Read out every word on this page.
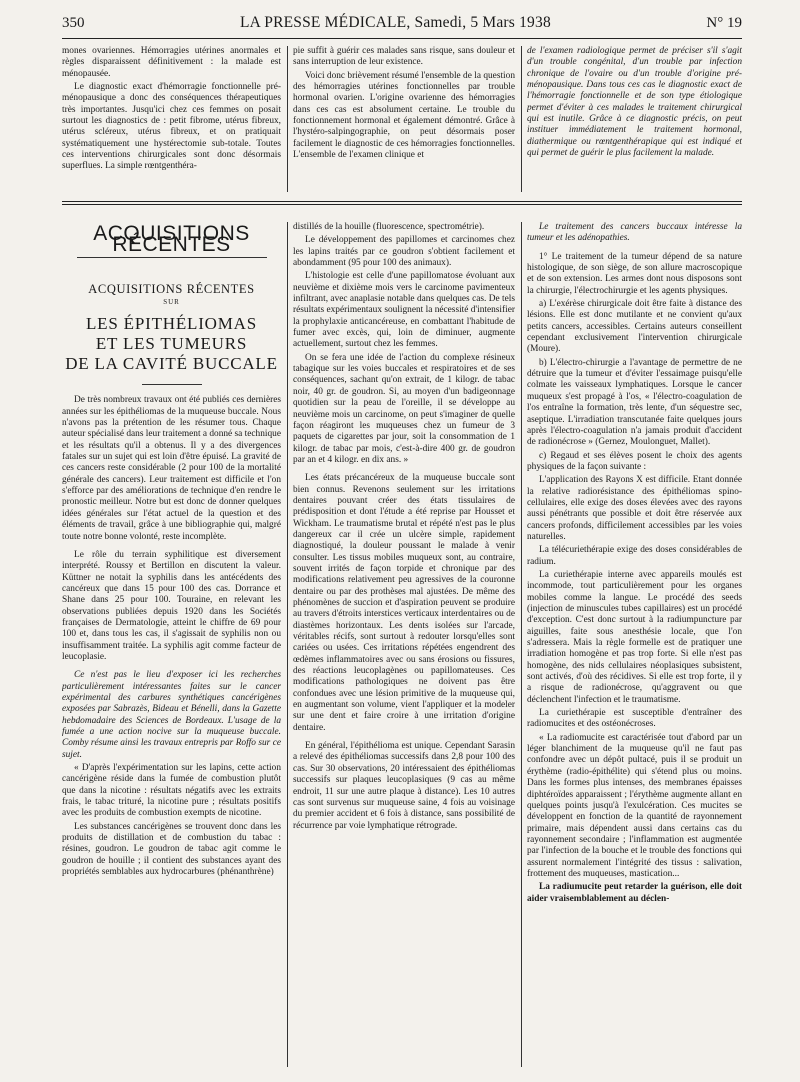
350	LA PRESSE MÉDICALE, Samedi, 5 Mars 1938	N° 19

mones ovariennes. Hémorragies utérines anormales et règles disparaissent définitivement : la malade est ménopausée.

Le diagnostic exact d'hémorragie fonctionnelle pré-ménopausique a donc des conséquences thérapeutiques très importantes. Jusqu'ici chez ces femmes on posait surtout les diagnostics de : petit fibrome, utérus fibreux, utérus scléreux, utérus fibreux, et on pratiquait systématiquement une hystérectomie sub-totale. Toutes ces interventions chirurgicales sont donc désormais superflues. La simple rœntgenthéra-

pie suffit à guérir ces malades sans risque, sans douleur et sans interruption de leur existence.

Voici donc brièvement résumé l'ensemble de la question des hémorragies utérines fonctionnelles par trouble hormonal ovarien. L'origine ovarienne des hémorragies dans ces cas est absolument certaine. Le trouble du fonctionnement hormonal et également démontré. Grâce à l'hystéro-salpingographie, on peut désormais poser facilement le diagnostic de ces hémorragies fonctionnelles. L'ensemble de l'examen clinique et

de l'examen radiologique permet de préciser s'il s'agit d'un trouble congénital, d'un trouble par infection chronique de l'ovaire ou d'un trouble d'origine pré-ménopausique. Dans tous ces cas le diagnostic exact de l'hémorragie fonctionnelle et de son type étiologique permet d'éviter à ces malades le traitement chirurgical qui est inutile. Grâce à ce diagnostic précis, on peut instituer immédiatement le traitement hormonal, diathermique ou rœntgenthérapique qui est indiqué et qui permet de guérir le plus facilement la malade.

ACQUISITIONS RÉCENTES
ACQUISITIONS RÉCENTES
SUR
LES ÉPITHÉLIOMAS
ET LES TUMEURS
DE LA CAVITÉ BUCCALE

De très nombreux travaux ont été publiés ces dernières années sur les épithéliomas de la muqueuse buccale. Nous n'avons pas la prétention de les résumer tous. Chaque auteur spécialisé dans leur traitement a donné sa technique et les résultats qu'il a obtenus. Il y a des divergences fatales sur un sujet qui est loin d'être épuisé. La gravité de ces cancers reste considérable (2 pour 100 de la mortalité générale des cancers). Leur traitement est difficile et l'on s'efforce par des améliorations de technique d'en rendre le pronostic meilleur. Notre but est donc de donner quelques idées générales sur l'état actuel de la question et des éléments de travail, grâce à une bibliographie qui, malgré toute notre bonne volonté, reste incomplète.

Le rôle du terrain syphilitique est diversement interprété. Roussy et Bertillon en discutent la valeur. Küttner ne notait la syphilis dans les antécédents des cancéreux que dans 15 pour 100 des cas. Dorrance et Shane dans 25 pour 100. Touraine, en relevant les observations publiées depuis 1920 dans les Sociétés françaises de Dermatologie, atteint le chiffre de 69 pour 100 et, dans tous les cas, il s'agissait de syphilis non ou insuffisamment traitée. La syphilis agit comme facteur de leucoplasie.

Ce n'est pas le lieu d'exposer ici les recherches particulièrement intéressantes faites sur le cancer expérimental des carbures synthétiques cancérigènes exposées par Sabrazès, Bideau et Bénelli, dans la Gazette hebdomadaire des Sciences de Bordeaux. L'usage de la fumée a une action nocive sur la muqueuse buccale. Comby résume ainsi les travaux entrepris par Roffo sur ce sujet.

« D'après l'expérimentation sur les lapins, cette action cancérigène réside dans la fumée de combustion plutôt que dans la nicotine : résultats négatifs avec les extraits frais, le tabac trituré, la nicotine pure ; résultats positifs avec les produits de combustion exempts de nicotine.

Les substances cancérigènes se trouvent donc dans les produits de distillation et de combustion du tabac : résines, goudron. Le goudron de tabac agit comme le goudron de houille ; il contient des substances ayant des propriétés semblables aux hydrocarbures (phénanthrène)

distillés de la houille (fluorescence, spectrométrie).

Le développement des papillomes et carcinomes chez les lapins traités par ce goudron s'obtient facilement et abondamment (95 pour 100 des animaux).

L'histologie est celle d'une papillomatose évoluant aux neuvième et dixième mois vers le carcinome pavimenteux infiltrant, avec anaplasie notable dans quelques cas. De tels résultats expérimentaux soulignent la nécessité d'intensifier la prophylaxie anticancéreuse, en combattant l'habitude de fumer avec excès, qui, loin de diminuer, augmente actuellement, surtout chez les femmes.

On se fera une idée de l'action du complexe résineux tabagique sur les voies buccales et respiratoires et de ses conséquences, sachant qu'on extrait, de 1 kilogr. de tabac noir, 40 gr. de goudron. Si, au moyen d'un badigeonnage quotidien sur la peau de l'oreille, il se développe au neuvième mois un carcinome, on peut s'imaginer de quelle façon réagiront les muqueuses chez un fumeur de 3 paquets de cigarettes par jour, soit la consommation de 1 kilogr. de tabac par mois, c'est-à-dire 400 gr. de goudron par an et 4 kilogr. en dix ans. »

Les états précancéreux de la muqueuse buccale sont bien connus. Revenons seulement sur les irritations dentaires pouvant créer des états tissulaires de prédisposition et dont l'étude a été reprise par Housset et Wickham. Le traumatisme brutal et répété n'est pas le plus dangereux car il crée un ulcère simple, rapidement diagnostiqué, la douleur poussant le malade à venir consulter. Les tissus mobiles muqueux sont, au contraire, souvent irrités de façon torpide et chronique par des modifications relativement peu agressives de la couronne dentaire ou par des prothèses mal ajustées. De même des phénomènes de succion et d'aspiration peuvent se produire au travers d'étroits interstices verticaux interdentaires ou de diastèmes horizontaux. Les dents isolées sur l'arcade, véritables récifs, sont surtout à redouter lorsqu'elles sont cariées ou usées. Ces irritations répétées engendrent des œdèmes inflammatoires avec ou sans érosions ou fissures, des réactions leucoplagènes ou papillomateuses. Ces modifications pathologiques ne doivent pas être confondues avec une lésion primitive de la muqueuse qui, en augmentant son volume, vient l'appliquer et la modeler sur une dent et faire croire à une irritation d'origine dentaire.

En général, l'épithélioma est unique. Cependant Sarasin a relevé des épithéliomas successifs dans 2,8 pour 100 des cas. Sur 30 observations, 20 intéressaient des épithéliomas successifs sur plaques leucoplasiques (9 cas au même endroit, 11 sur une autre plaque à distance). Les 10 autres cas sont survenus sur muqueuse saine, 4 fois au voisinage du premier accident et 6 fois à distance, sans possibilité de récurrence par voie lymphatique rétrograde.

Le traitement des cancers buccaux intéresse la tumeur et les adénopathies.

1° Le traitement de la tumeur dépend de sa nature histologique, de son siège, de son allure macroscopique et de son extension. Les armes dont nous disposons sont la chirurgie, l'électrochirurgie et les agents physiques.

a) L'exérèse chirurgicale doit être faite à distance des lésions. Elle est donc mutilante et ne convient qu'aux petits cancers, accessibles. Certains auteurs conseillent cependant exclusivement l'intervention chirurgicale (Moure).

b) L'électro-chirurgie a l'avantage de permettre de ne détruire que la tumeur et d'éviter l'essaimage puisqu'elle colmate les vaisseaux lymphatiques. Lorsque le cancer muqueux s'est propagé à l'os, « l'électro-coagulation de l'os entraîne la formation, très lente, d'un séquestre sec, aseptique. L'irradiation transcutanée faite quelques jours après l'électro-coagulation n'a jamais produit d'accident de radionécrose » (Gernez, Moulonguet, Mallet).

c) Regaud et ses élèves posent le choix des agents physiques de la façon suivante :

L'application des Rayons X est difficile. Etant donnée la relative radiorésistance des épithéliomas spino-cellulaires, elle exige des doses élevées avec des rayons aussi pénétrants que possible et doit être réservée aux cancers profonds, difficilement accessibles par les voies naturelles.

La télécuriethérapie exige des doses considérables de radium.

La curiethérapie interne avec appareils moulés est incommode, tout particulièrement pour les organes mobiles comme la langue. Le procédé des seeds (injection de minuscules tubes capillaires) est un procédé d'exception. C'est donc surtout à la radiumpuncture par aiguilles, faite sous anesthésie locale, que l'on s'adressera. Mais la règle formelle est de pratiquer une irradiation homogène et pas trop forte. Si elle n'est pas homogène, des nids cellulaires néoplasiques subsistent, sont activés, d'où des récidives. Si elle est trop forte, il y a risque de radionécrose, qu'aggravent ou que déclenchent l'infection et le traumatisme.

La curiethérapie est susceptible d'entraîner des radiomucites et des ostéonécroses.

« La radiomucite est caractérisée tout d'abord par un léger blanchiment de la muqueuse qu'il ne faut pas confondre avec un dépôt pultacé, puis il se produit un érythème (radio-épithélite) qui s'étend plus ou moins. Dans les formes plus intenses, des membranes épaisses diphtéroïdes apparaissent ; l'érythème augmente allant en quelques points jusqu'à l'exulcération. Ces mucites se développent en fonction de la quantité de rayonnement primaire, mais dépendent aussi dans certains cas du rayonnement secondaire ; l'inflammation est augmentée par l'infection de la bouche et le trouble des fonctions qui assurent normalement l'intégrité des tissus : salivation, frottement des muqueuses, mastication...

La radiumucite peut retarder la guérison, elle doit aider vraisemblablement au déclen-
